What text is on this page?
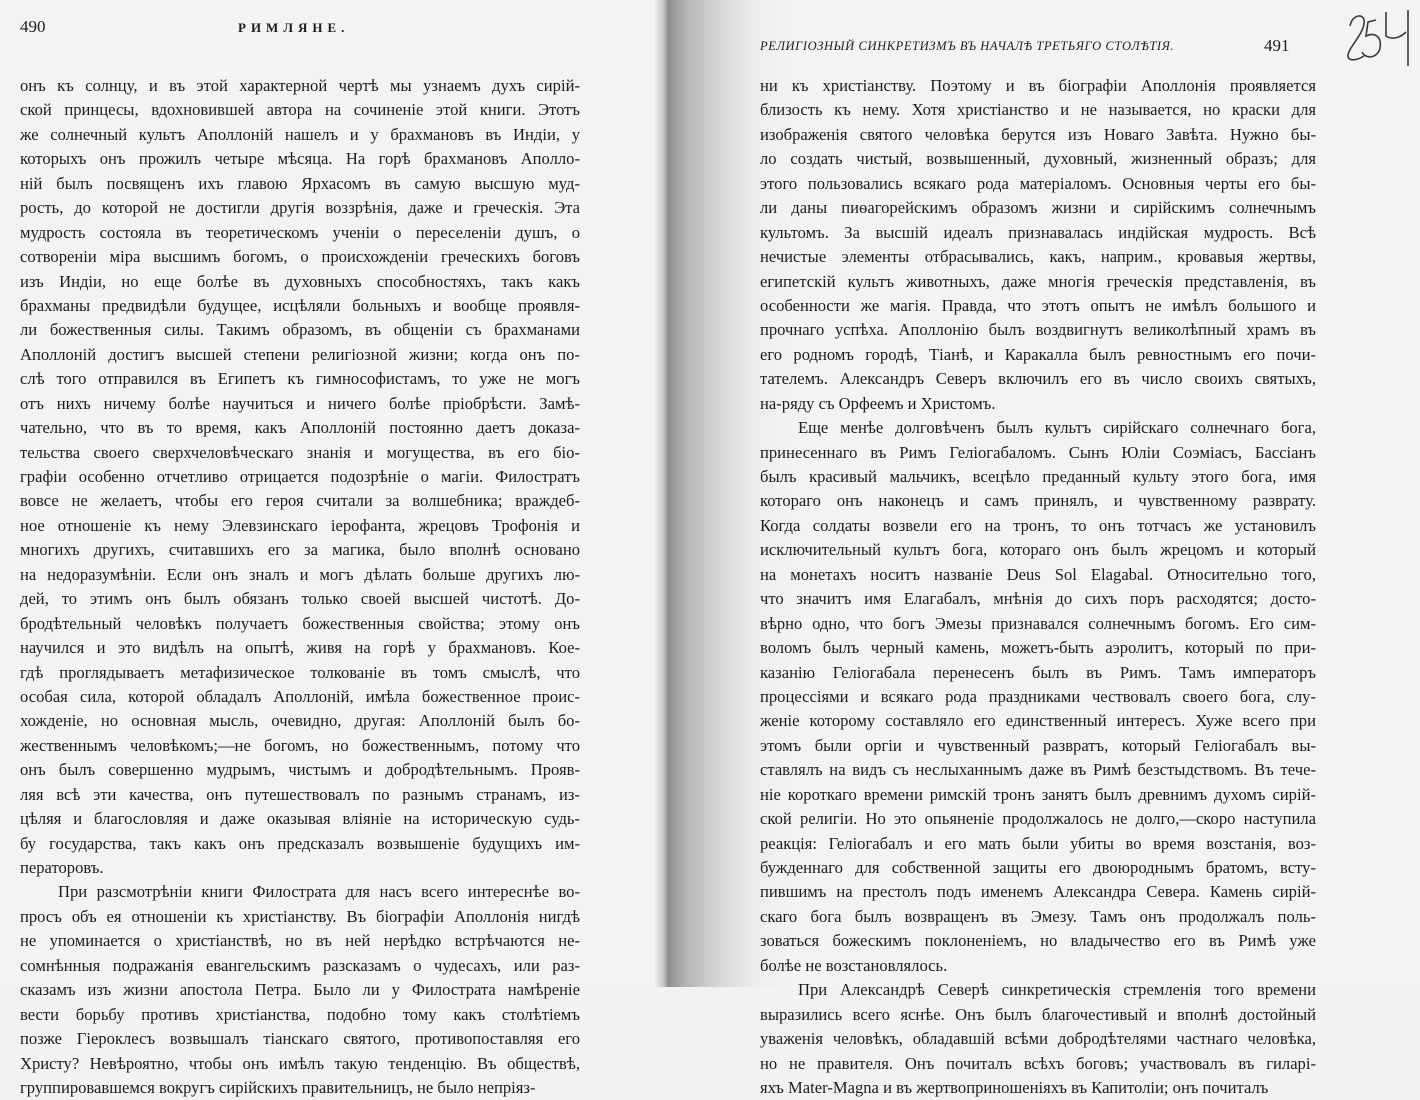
490	РИМЛЯНЕ.
онъ къ солнцу, и въ этой характерной чертѣ мы узнаемъ духъ сирій-
ской принцесы, вдохновившей автора на сочиненіе этой книги. Этотъ
же солнечный культъ Аполлоній нашелъ и у брахмановъ въ Индіи, у
которыхъ онъ прожилъ четыре мѣсяца. На горѣ брахмановъ Аполло-
ній былъ посвященъ ихъ главою Ярхасомъ въ самую высшую муд-
рость, до которой не достигли другія воззрѣнія, даже и греческія. Эта
мудрость состояла въ теоретическомъ ученіи о переселеніи душъ, о
сотвореніи міра высшимъ богомъ, о происхожденіи греческихъ боговъ
изъ Индіи, но еще болѣе въ духовныхъ способностяхъ, такъ какъ
брахманы предвидѣли будущее, исцѣляли больныхъ и вообще проявля-
ли божественныя силы. Такимъ образомъ, въ общеніи съ брахманами
Аполлоній достигъ высшей степени религіозной жизни; когда онъ по-
слѣ того отправился въ Египетъ къ гимнософистамъ, то уже не могъ
отъ нихъ ничему болѣе научиться и ничего болѣе пріобрѣсти. Замѣ-
чательно, что въ то время, какъ Аполлоній постоянно даетъ доказа-
тельства своего сверхчеловѣческаго знанія и могущества, въ его біо-
графіи особенно отчетливо отрицается подозрѣніе о магіи. Филостратъ
вовсе не желаетъ, чтобы его героя считали за волшебника; враждеб-
ное отношеніе къ нему Элевзинскаго іерофанта, жрецовъ Трофонія и
многихъ другихъ, считавшихъ его за магика, было вполнѣ основано
на недоразумѣніи. Если онъ зналъ и могъ дѣлать больше другихъ лю-
дей, то этимъ онъ былъ обязанъ только своей высшей чистотѣ. До-
бродѣтельный человѣкъ получаетъ божественныя свойства; этому онъ
научился и это видѣлъ на опытѣ, живя на горѣ у брахмановъ. Кое-
гдѣ проглядываетъ метафизическое толкованіе въ томъ смыслѣ, что
особая сила, которой обладалъ Аполлоній, имѣла божественное проис-
хожденіе, но основная мысль, очевидно, другая: Аполлоній былъ бо-
жественнымъ человѣкомъ;—не богомъ, но божественнымъ, потому что
онъ былъ совершенно мудрымъ, чистымъ и добродѣтельнымъ. Прояв-
ляя всѣ эти качества, онъ путешествовалъ по разнымъ странамъ, из-
цѣляя и благословляя и даже оказывая вліяніе на историческую судь-
бу государства, такъ какъ онъ предсказалъ возвышеніе будущихъ им-
ператоровъ.
При разсмотрѣніи книги Филострата для насъ всего интереснѣе во-
просъ объ ея отношеніи къ христіанству. Въ біографіи Аполлонія нигдѣ
не упоминается о христіанствѣ, но въ ней нерѣдко встрѣчаются не-
сомнѣнныя подражанія евангельскимъ разсказамъ о чудесахъ, или раз-
сказамъ изъ жизни апостола Петра. Было ли у Филострата намѣреніе
вести борьбу противъ христіанства, подобно тому какъ столѣтіемъ
позже Гіероклесъ возвышалъ тіанскаго святого, противопоставляя его
Христу? Невѣроятно, чтобы онъ имѣлъ такую тенденцію. Въ обществѣ,
группировавшемся вокругъ сирійскихъ правительницъ, не было непріяз-
РЕЛИГІОЗНЫЙ СИНКРЕТИЗМЪ ВЪ НАЧАЛѢ ТРЕТЬЯГО СТОЛѢТІЯ.	491
ни къ христіанству. Поэтому и въ біографіи Аполлонія проявляется
близость къ нему. Хотя христіанство и не называется, но краски для
изображенія святого человѣка берутся изъ Новаго Завѣта. Нужно бы-
ло создать чистый, возвышенный, духовный, жизненный образъ; для
этого пользовались всякаго рода матеріаломъ. Основныя черты его бы-
ли даны пиѳагорейскимъ образомъ жизни и сирійскимъ солнечнымъ
культомъ. За высшій идеалъ признавалась индійская мудрость. Всѣ
нечистые элементы отбрасывались, какъ, наприм., кровавыя жертвы,
египетскій культъ животныхъ, даже многія греческія представленія, въ
особенности же магія. Правда, что этотъ опытъ не имѣлъ большого и
прочнаго успѣха. Аполлонію былъ воздвигнутъ великолѣпный храмъ въ
его родномъ городѣ, Тіанѣ, и Каракалла былъ ревностнымъ его почи-
тателемъ. Александръ Северъ включилъ его въ число своихъ святыхъ,
на-ряду съ Орфеемъ и Христомъ.
Еще менѣе долговѣченъ былъ культъ сирійскаго солнечнаго бога,
принесеннаго въ Римъ Геліогабаломъ. Сынъ Юліи Соэміасъ, Бассіанъ
былъ красивый мальчикъ, всецѣло преданный культу этого бога, имя
котораго онъ наконецъ и самъ принялъ, и чувственному разврату.
Когда солдаты возвели его на тронъ, то онъ тотчасъ же установилъ
исключительный культъ бога, котораго онъ былъ жрецомъ и который
на монетахъ носитъ названіе Deus Sol Elagabal. Относительно того,
что значитъ имя Елагабалъ, мнѣнія до сихъ поръ расходятся; досто-
вѣрно одно, что богъ Эмезы признавался солнечнымъ богомъ. Его сим-
воломъ былъ черный камень, можетъ-быть аэролитъ, который по при-
казанію Геліогабала перенесенъ былъ въ Римъ. Тамъ императоръ
процессіями и всякаго рода праздниками чествовалъ своего бога, слу-
женіе которому составляло его единственный интересъ. Хуже всего при
этомъ были оргіи и чувственный развратъ, который Геліогабалъ вы-
ставлялъ на видъ съ неслыханнымъ даже въ Римѣ безстыдствомъ. Въ тече-
ніе короткаго времени римскій тронъ занятъ былъ древнимъ духомъ сирій-
ской религіи. Но это опьяненіе продолжалось не долго,—скоро наступила
реакція: Геліогабалъ и его мать были убиты во время возстанія, воз-
бужденнаго для собственной защиты его двоюроднымъ братомъ, всту-
пившимъ на престолъ подъ именемъ Александра Севера. Камень сирій-
скаго бога былъ возвращенъ въ Эмезу. Тамъ онъ продолжалъ поль-
зоваться божескимъ поклоненіемъ, но владычество его въ Римѣ уже
болѣе не возстановлялось.
При Александрѣ Северѣ синкретическія стремленія того времени
выразились всего яснѣе. Онъ былъ благочестивый и вполнѣ достойный
уваженія человѣкъ, обладавшій всѣми добродѣтелями частнаго человѣка,
но не правителя. Онъ почиталъ всѣхъ боговъ; участвовалъ въ гиларі-
яхъ Mater-Magna и въ жертвоприношеніяхъ въ Капитоліи; онъ почиталъ
